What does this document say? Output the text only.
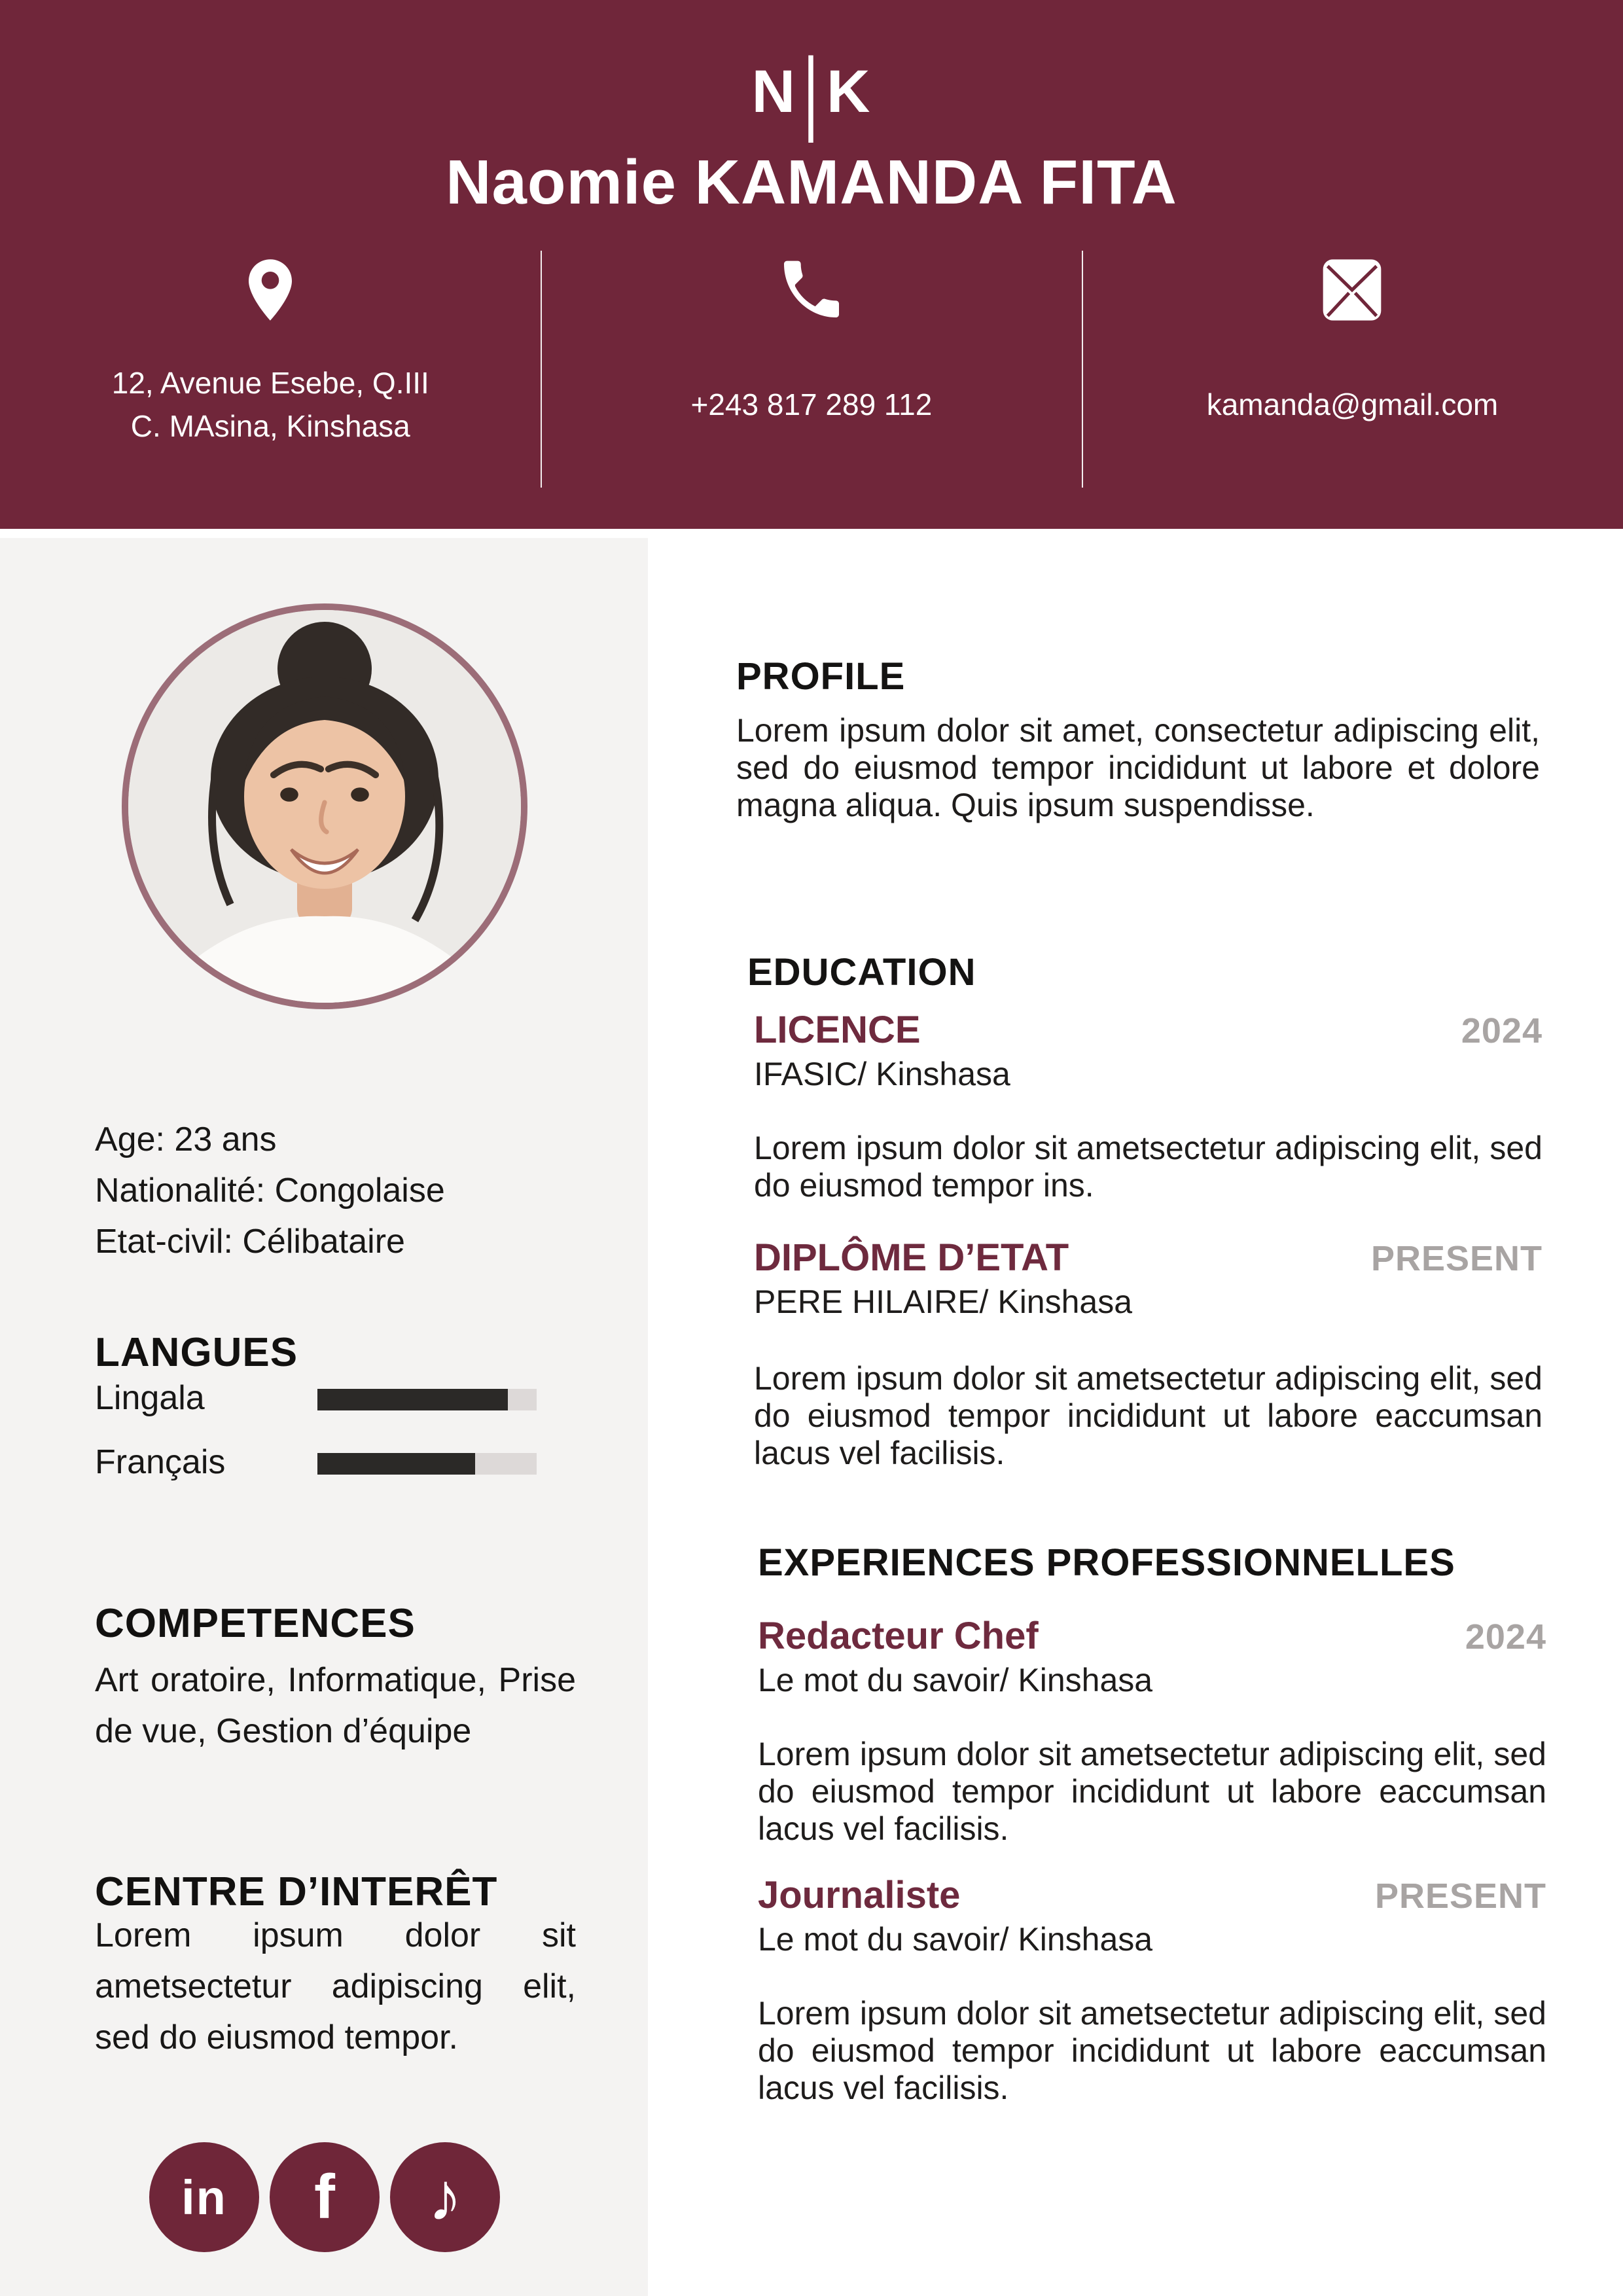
N | K
Naomie KAMANDA FITA
12, Avenue Esebe, Q.III
C. MAsina, Kinshasa
+243 817 289 112	kamanda@gmail.com
Age: 23 ans
Nationalité: Congolaise
Etat-civil: Célibataire
LANGUES
Lingala
Français
COMPETENCES

Art oratoire, Informatique, Prise de vue, Gestion d’équipe

CENTRE D’INTERÊT

Lorem ipsum dolor sit ametsectetur adipiscing elit, sed do eiusmod tempor.

in f ♪
PROFILE

Lorem ipsum dolor sit amet, consectetur adipiscing elit, sed do eiusmod tempor incididunt ut labore et dolore magna aliqua. Quis ipsum suspendisse.

EDUCATION
LICENCE	2024
IFASIC/ Kinshasa

Lorem ipsum dolor sit ametsectetur adipiscing elit, sed do eiusmod tempor ins.

DIPLÔME D’ETAT	PRESENT
PERE HILAIRE/ Kinshasa

Lorem ipsum dolor sit ametsectetur adipiscing elit, sed do eiusmod tempor incididunt ut labore eaccumsan lacus vel facilisis.

EXPERIENCES PROFESSIONNELLES
Redacteur Chef	2024
Le mot du savoir/ Kinshasa

Lorem ipsum dolor sit ametsectetur adipiscing elit, sed do eiusmod tempor incididunt ut labore eaccumsan lacus vel facilisis.

Journaliste	PRESENT
Le mot du savoir/ Kinshasa

Lorem ipsum dolor sit ametsectetur adipiscing elit, sed do eiusmod tempor incididunt ut labore eaccumsan lacus vel facilisis.
